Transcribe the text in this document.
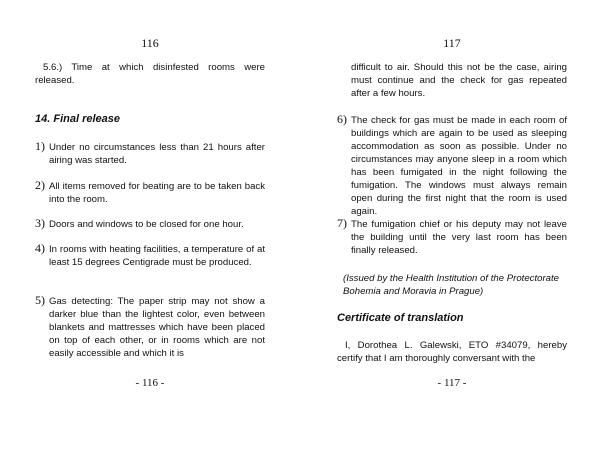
116
5.6.) Time at which disinfested rooms were released.
14. Final release
1) Under no circumstances less than 21 hours after airing was started.
2) All items removed for beating are to be taken back into the room.
3) Doors and windows to be closed for one hour.
4) In rooms with heating facilities, a temperature of at least 15 degrees Centigrade must be produced.
5) Gas detecting: The paper strip may not show a darker blue than the lightest color, even between blankets and mattresses which have been placed on top of each other, or in rooms which are not easily accessible and which it is
- 116 -
117
difficult to air. Should this not be the case, airing must continue and the check for gas repeated after a few hours.
6) The check for gas must be made in each room of buildings which are again to be used as sleeping accommodation as soon as possible. Under no circumstances may anyone sleep in a room which has been fumigated in the night following the fumigation. The windows must always remain open during the first night that the room is used again.
7) The fumigation chief or his deputy may not leave the building until the very last room has been finally released.
(Issued by the Health Institution of the Protectorate Bohemia and Moravia in Prague)
Certificate of translation
I, Dorothea L. Galewski, ETO #34079, hereby certify that I am thoroughly conversant with the
- 117 -
